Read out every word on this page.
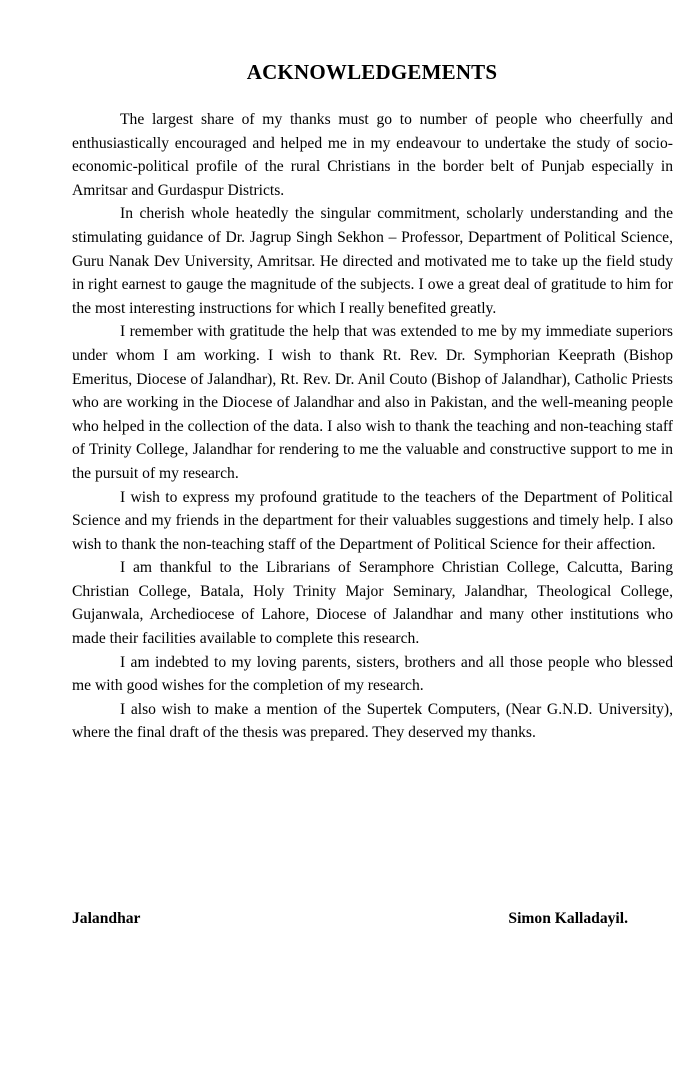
ACKNOWLEDGEMENTS

The largest share of my thanks must go to number of people who cheerfully and enthusiastically encouraged and helped me in my endeavour to undertake the study of socio-economic-political profile of the rural Christians in the border belt of Punjab especially in Amritsar and Gurdaspur Districts.

In cherish whole heatedly the singular commitment, scholarly understanding and the stimulating guidance of Dr. Jagrup Singh Sekhon – Professor, Department of Political Science, Guru Nanak Dev University, Amritsar. He directed and motivated me to take up the field study in right earnest to gauge the magnitude of the subjects. I owe a great deal of gratitude to him for the most interesting instructions for which I really benefited greatly.

I remember with gratitude the help that was extended to me by my immediate superiors under whom I am working. I wish to thank Rt. Rev. Dr. Symphorian Keeprath (Bishop Emeritus, Diocese of Jalandhar), Rt. Rev. Dr. Anil Couto (Bishop of Jalandhar), Catholic Priests who are working in the Diocese of Jalandhar and also in Pakistan, and the well-meaning people who helped in the collection of the data. I also wish to thank the teaching and non-teaching staff of Trinity College, Jalandhar for rendering to me the valuable and constructive support to me in the pursuit of my research.

I wish to express my profound gratitude to the teachers of the Department of Political Science and my friends in the department for their valuables suggestions and timely help. I also wish to thank the non-teaching staff of the Department of Political Science for their affection.

I am thankful to the Librarians of Seramphore Christian College, Calcutta, Baring Christian College, Batala, Holy Trinity Major Seminary, Jalandhar, Theological College, Gujanwala, Archediocese of Lahore, Diocese of Jalandhar and many other institutions who made their facilities available to complete this research.

I am indebted to my loving parents, sisters, brothers and all those people who blessed me with good wishes for the completion of my research.

I also wish to make a mention of the Supertek Computers, (Near G.N.D. University), where the final draft of the thesis was prepared. They deserved my thanks.

Jalandhar	Simon Kalladayil.
